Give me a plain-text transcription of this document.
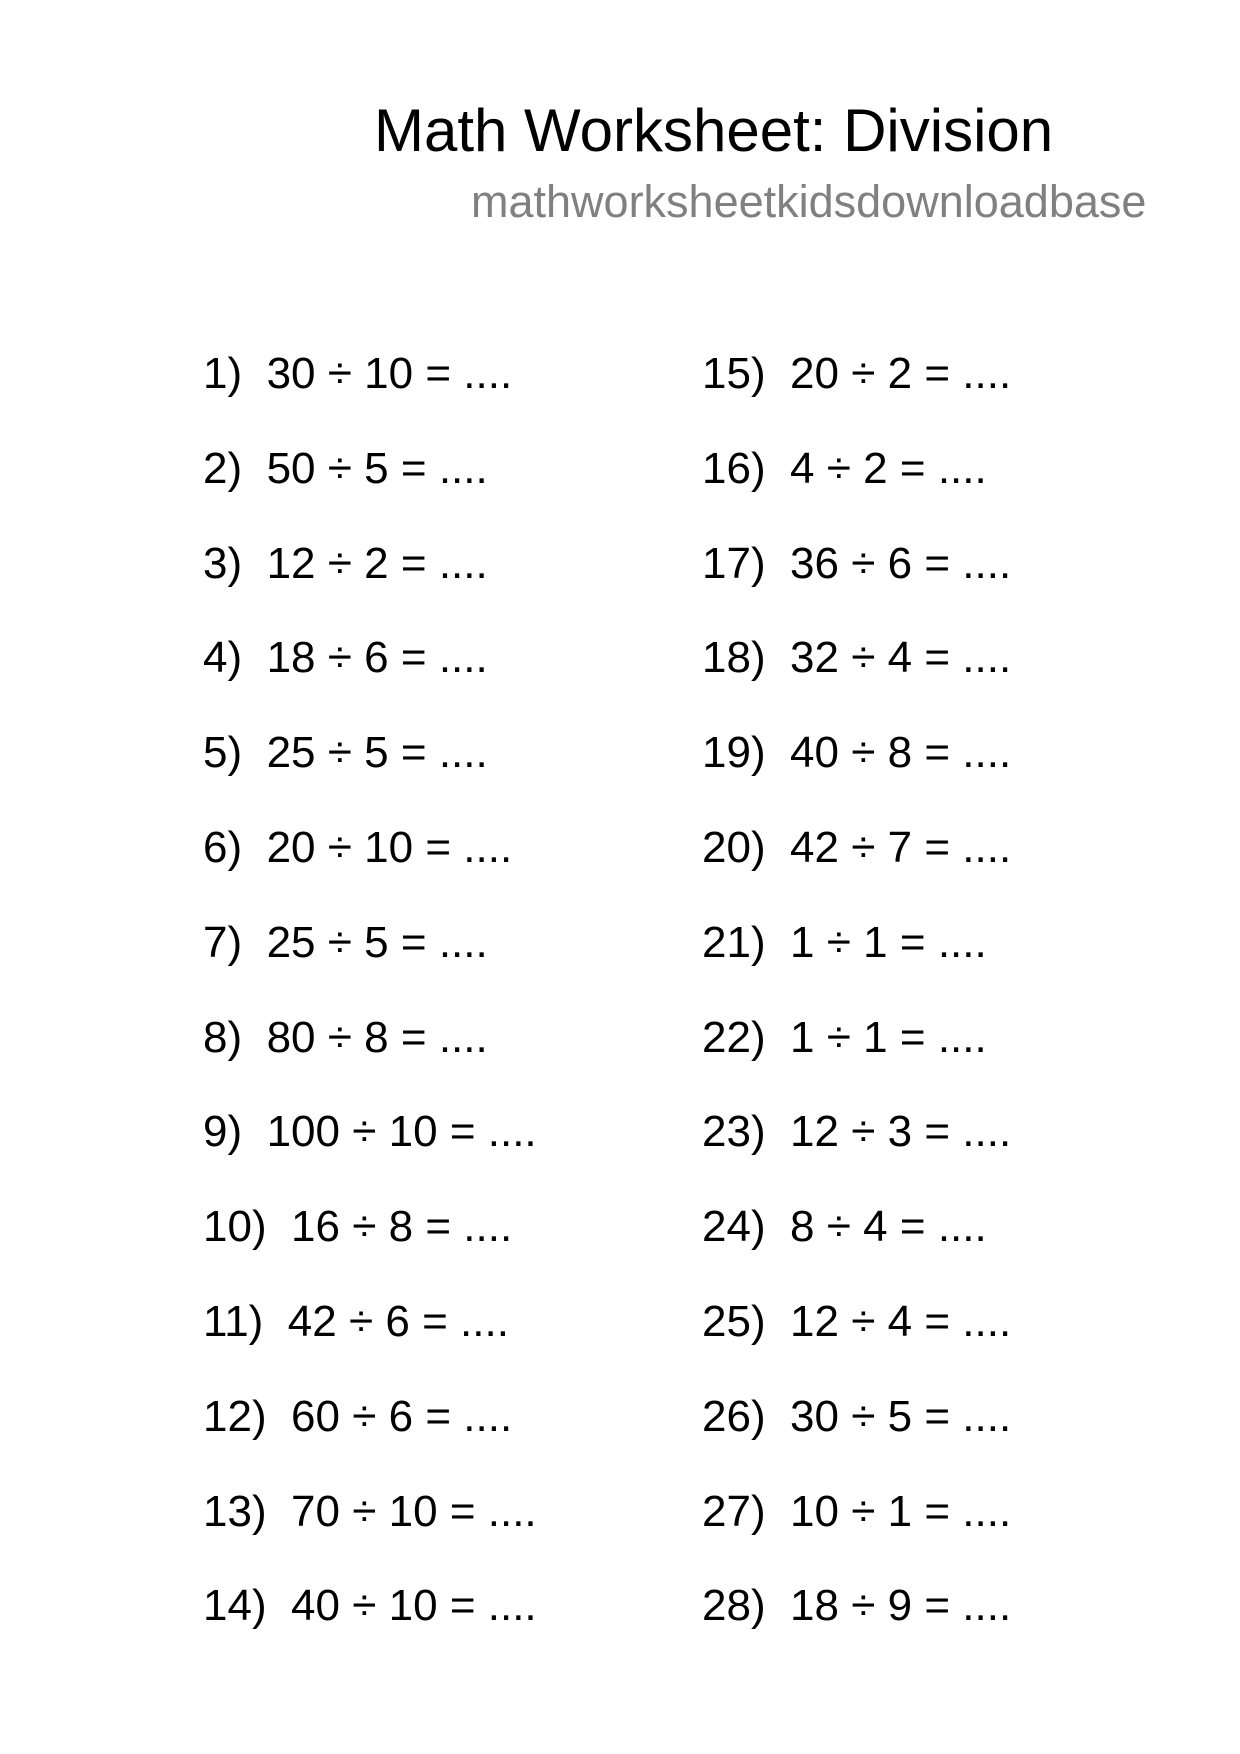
Math Worksheet: Division
mathworksheetkidsdownloadbase
1) 30 ÷ 10 = ....
2) 50 ÷ 5 = ....
3) 12 ÷ 2 = ....
4) 18 ÷ 6 = ....
5) 25 ÷ 5 = ....
6) 20 ÷ 10 = ....
7) 25 ÷ 5 = ....
8) 80 ÷ 8 = ....
9) 100 ÷ 10 = ....
10) 16 ÷ 8 = ....
11) 42 ÷ 6 = ....
12) 60 ÷ 6 = ....
13) 70 ÷ 10 = ....
14) 40 ÷ 10 = ....
15) 20 ÷ 2 = ....
16) 4 ÷ 2 = ....
17) 36 ÷ 6 = ....
18) 32 ÷ 4 = ....
19) 40 ÷ 8 = ....
20) 42 ÷ 7 = ....
21) 1 ÷ 1 = ....
22) 1 ÷ 1 = ....
23) 12 ÷ 3 = ....
24) 8 ÷ 4 = ....
25) 12 ÷ 4 = ....
26) 30 ÷ 5 = ....
27) 10 ÷ 1 = ....
28) 18 ÷ 9 = ....
